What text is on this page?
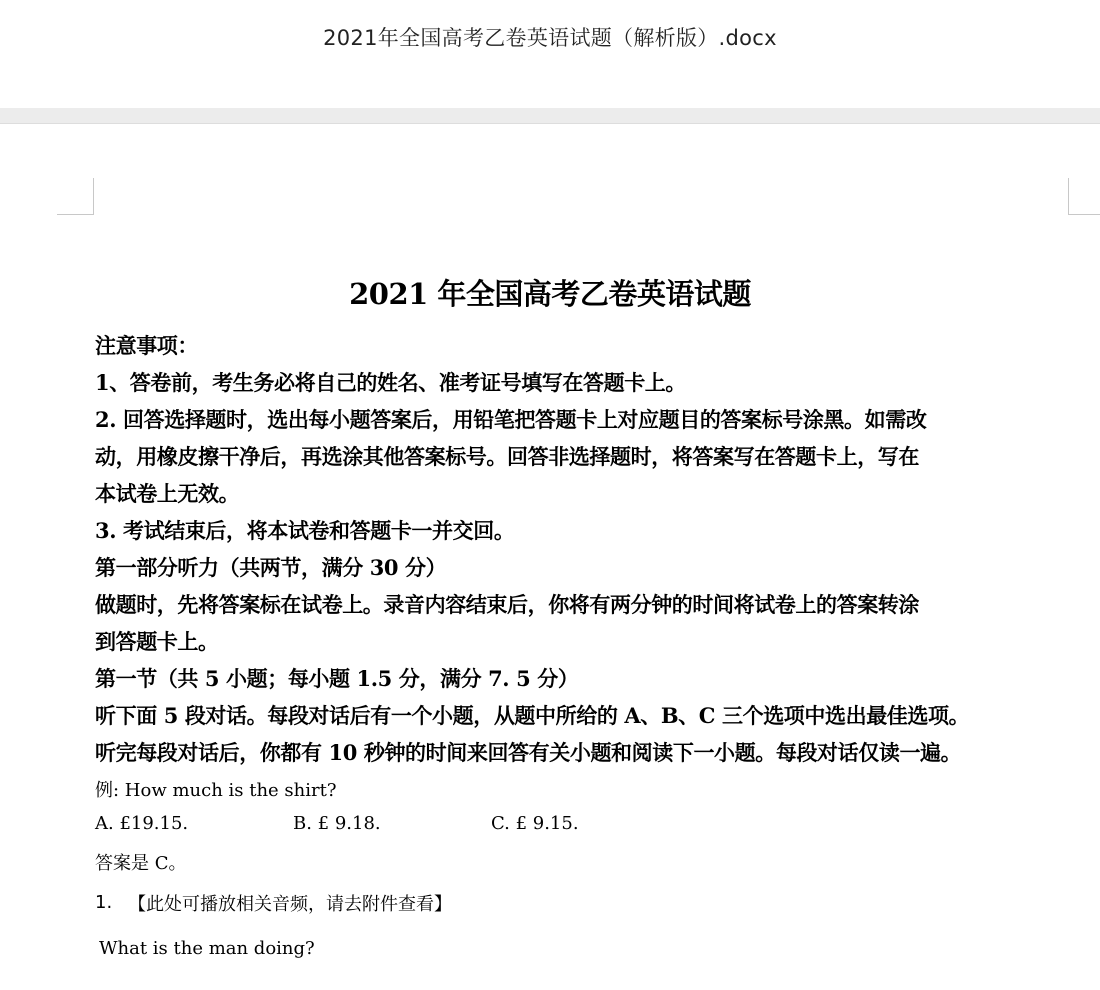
2021年全国高考乙卷英语试题（解析版）.docx
2021 年全国高考乙卷英语试题
注意事项：
1、答卷前，考生务必将自己的姓名、准考证号填写在答题卡上。
2. 回答选择题时，选出每小题答案后，用铅笔把答题卡上对应题目的答案标号涂黑。如需改
动，用橡皮擦干净后，再选涂其他答案标号。回答非选择题时，将答案写在答题卡上，写在
本试卷上无效。
3. 考试结束后，将本试卷和答题卡一并交回。
第一部分听力（共两节，满分 30 分）
做题时，先将答案标在试卷上。录音内容结束后，你将有两分钟的时间将试卷上的答案转涂
到答题卡上。
第一节（共 5 小题；每小题 1.5 分，满分 7. 5 分）
听下面 5 段对话。每段对话后有一个小题，从题中所给的 A、B、C 三个选项中选出最佳选项。
听完每段对话后，你都有 10 秒钟的时间来回答有关小题和阅读下一小题。每段对话仅读一遍。
例: How much is the shirt?
A. £19.15.	B. £ 9.18.	C. £ 9.15.
答案是 C。
1. 【此处可播放相关音频，请去附件查看】
What is the man doing?
